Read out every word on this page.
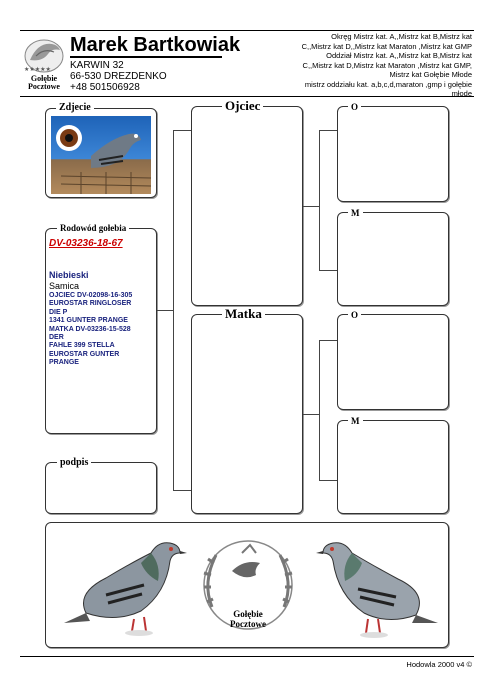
★★★★★
Gołębie
Pocztowe
Marek Bartkowiak
KARWIN 32
66-530 DREZDENKO
+48 501506928
Okręg Mistrz kat. A,,Mistrz kat B,Mistrz kat
C,,Mistrz kat D,,Mistrz kat Maraton ,Mistrz kat GMP
Oddział Mistrz kat. A,,Mistrz kat B,Mistrz kat
C,,Mistrz kat D,Mistrz kat Maraton ,Mistrz kat GMP,
Mistrz kat Gołębie Młode
mistrz oddziału kat. a,b,c,d,maraton ,gmp i gołębie
młode
Zdjecie
Rodowód gołebia
DV-03236-18-67
Niebieski
Samica
OJCIEC DV-02098-16-305
EUROSTAR RINGLOSER
DIE P
1341 GUNTER PRANGE
MATKA DV-03236-15-528
DER
FAHLE 399 STELLA
EUROSTAR GUNTER
PRANGE
podpis
Ojciec
Matka
O
M
O
M
Gołębie
Pocztowe
Hodowla 2000 v4 ©
